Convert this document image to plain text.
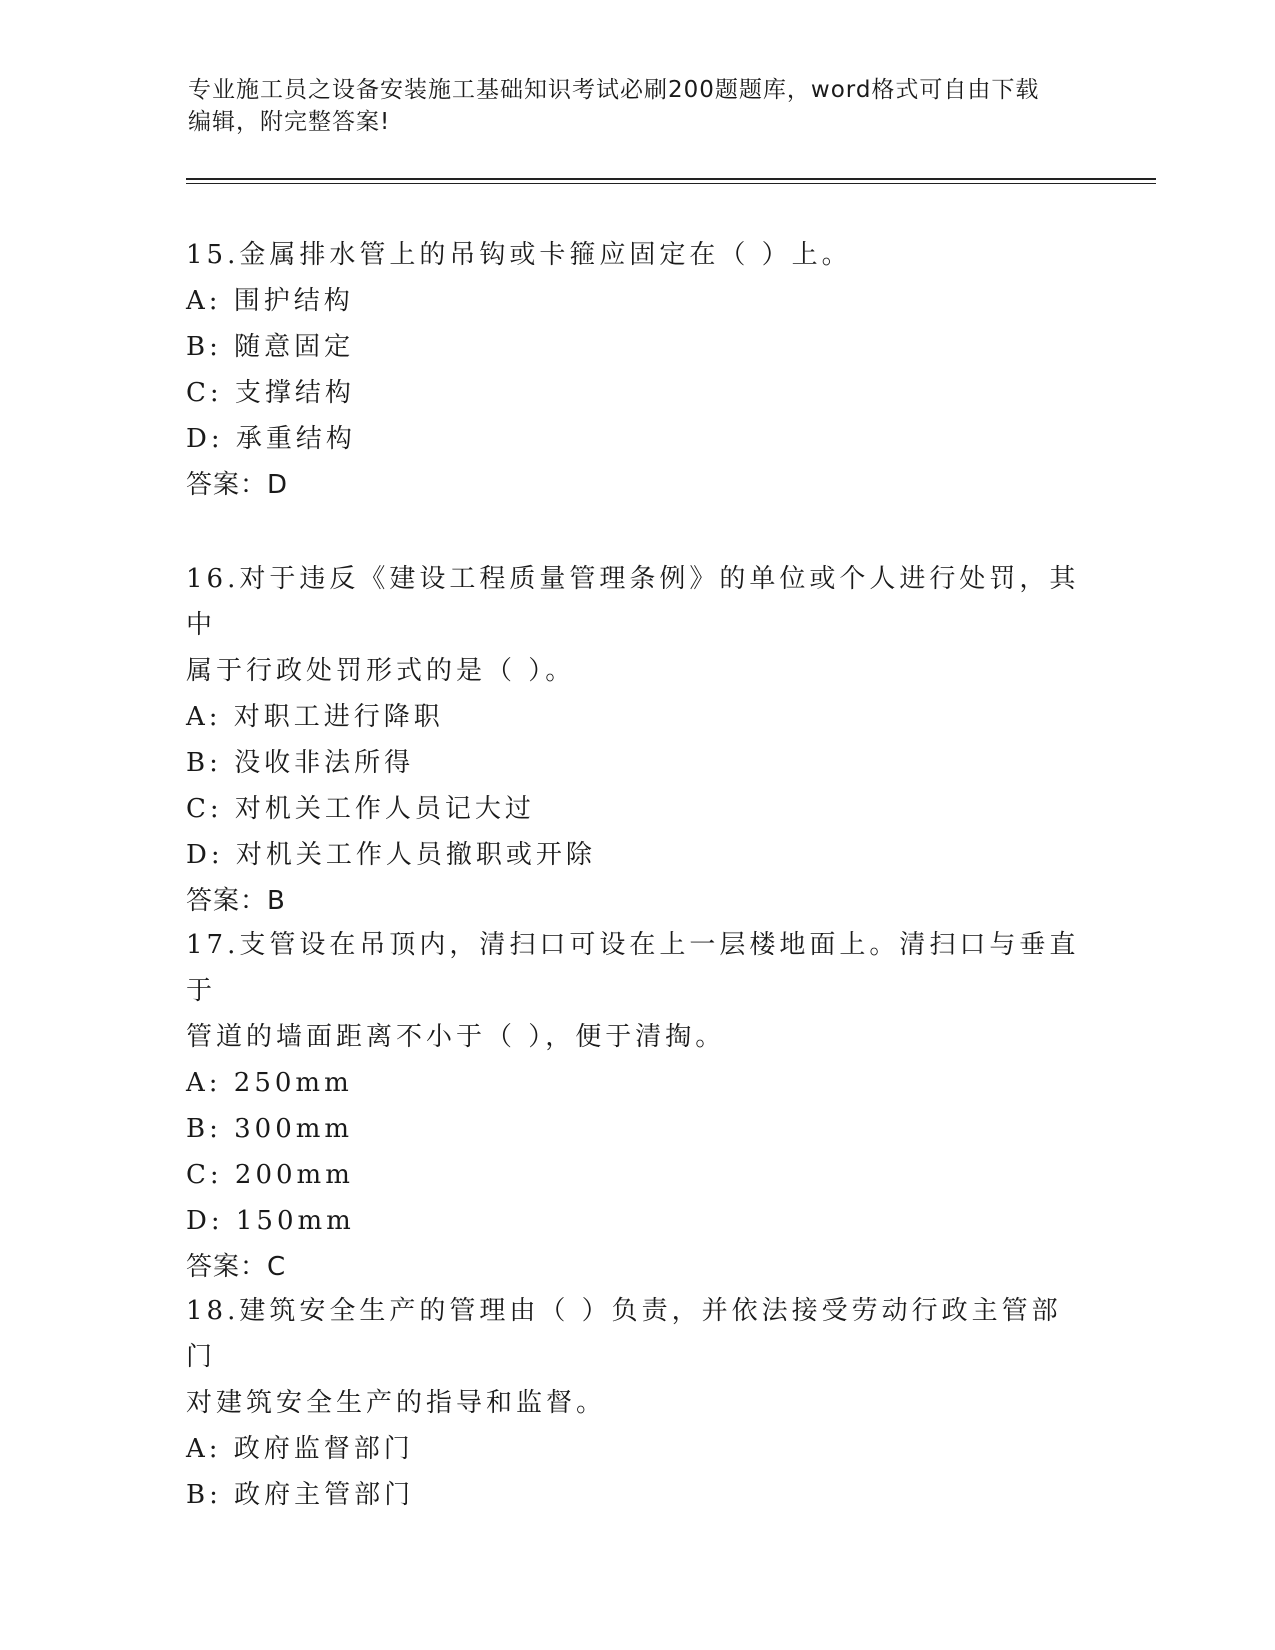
专业施工员之设备安装施工基础知识考试必刷200题题库，word格式可自由下载
编辑，附完整答案!
15.金属排水管上的吊钩或卡箍应固定在（ ）上。
A: 围护结构
B: 随意固定
C: 支撑结构
D: 承重结构
答案：D
16.对于违反《建设工程质量管理条例》的单位或个人进行处罚，其中
属于行政处罚形式的是（ ）。
A: 对职工进行降职
B: 没收非法所得
C: 对机关工作人员记大过
D: 对机关工作人员撤职或开除
答案：B
17.支管设在吊顶内，清扫口可设在上一层楼地面上。清扫口与垂直于
管道的墙面距离不小于（ ），便于清掏。
A: 250mm
B: 300mm
C: 200mm
D: 150mm
答案：C
18.建筑安全生产的管理由（ ）负责，并依法接受劳动行政主管部门
对建筑安全生产的指导和监督。
A: 政府监督部门
B: 政府主管部门
